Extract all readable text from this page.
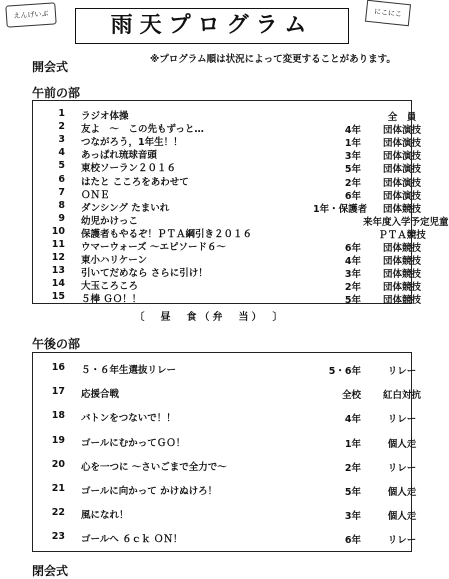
えんげいぶ	にこにこ
雨天プログラム
※プログラム順は状況によって変更することがあります。
開会式
午前の部
1 ラジオ体操	全　員
2 友よ　～　この先もずっと…	4年	団体演技
3 つながろう，1年生！！	1年	団体演技
4 あっぱれ琉球音頭	3年	団体演技
5 東校ソーラン２０１６	5年	団体演技
6 はたと こころをあわせて	2年	団体演技
7 ＯＮＥ	6年	団体演技
8 ダンシング たまいれ	1年・保護者	団体競技
9 幼児かけっこ	来年度入学予定児童
10 保護者もやるぞ！ＰＴＡ綱引き２０１６	ＰＴＡ競技
11 ウマーウォーズ ～エピソード６～	6年	団体競技
12 東小ハリケーン	4年	団体競技
13 引いてだめなら さらに引け！	3年	団体競技
14 大玉ころころ	2年	団体競技
15 ５棒 ＧＯ！！	5年	団体競技
〔　昼　食（弁　当）　〕
午後の部
16 ５・６年生選抜リレー	5・6年	リレー
17 応援合戦	全校	紅白対抗
18 バトンをつないで！！	4年	リレー
19 ゴールにむかってＧＯ！	1年	個人走
20 心を一つに ～さいごまで全力で～	2年	リレー
21 ゴールに向かって かけぬけろ！	5年	個人走
22 風になれ！	3年	個人走
23 ゴールへ ６ｃｋ ＯＮ！	6年	リレー
閉会式
